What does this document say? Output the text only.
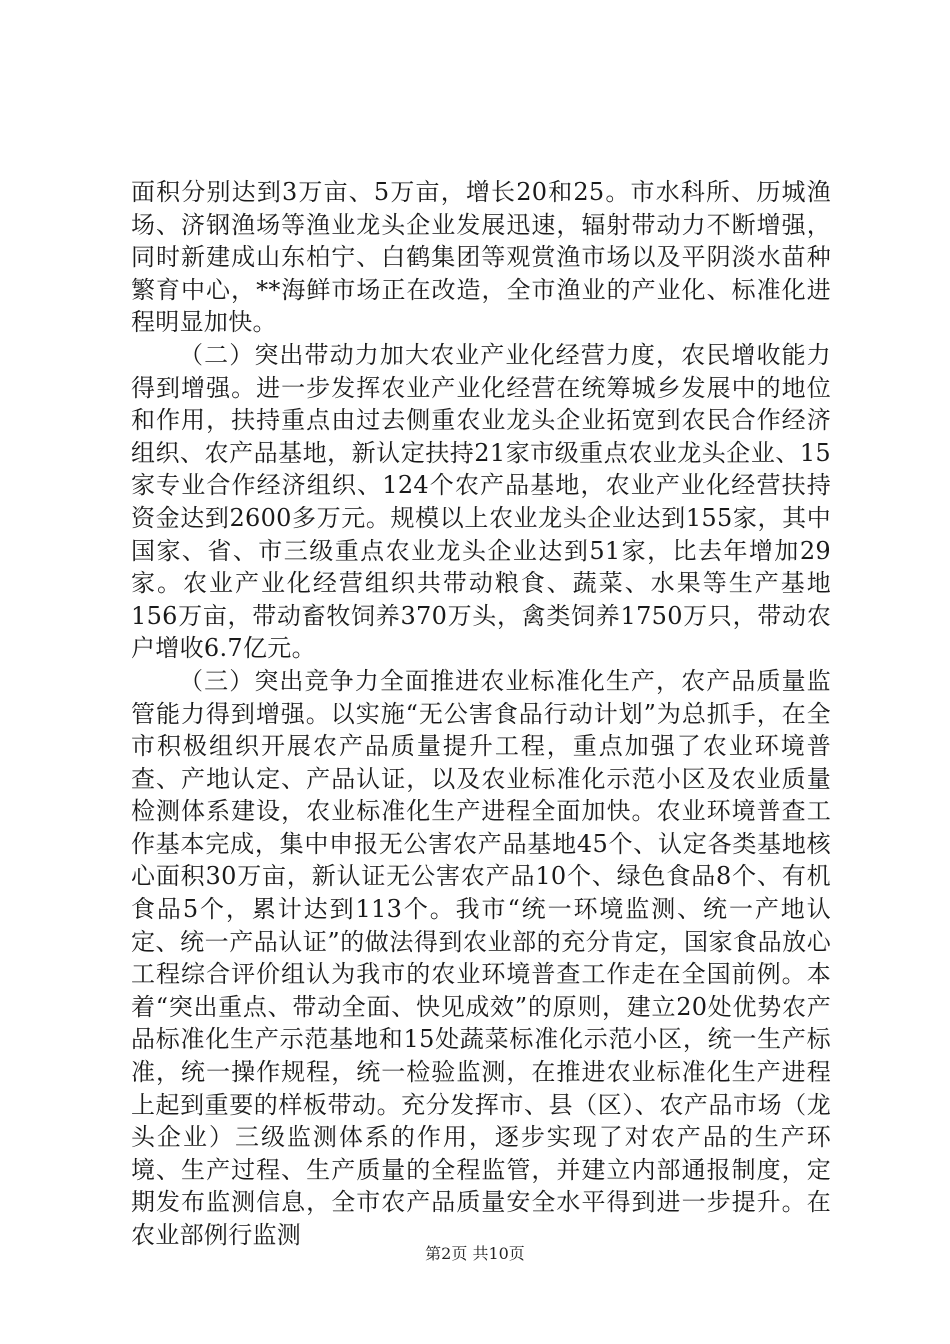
面积分别达到3万亩、5万亩，增长20和25。市水科所、历城渔场、济钢渔场等渔业龙头企业发展迅速，辐射带动力不断增强，同时新建成山东柏宁、白鹤集团等观赏渔市场以及平阴淡水苗种繁育中心，**海鲜市场正在改造，全市渔业的产业化、标准化进程明显加快。

（二）突出带动力加大农业产业化经营力度，农民增收能力得到增强。进一步发挥农业产业化经营在统筹城乡发展中的地位和作用，扶持重点由过去侧重农业龙头企业拓宽到农民合作经济组织、农产品基地，新认定扶持21家市级重点农业龙头企业、15家专业合作经济组织、124个农产品基地，农业产业化经营扶持资金达到2600多万元。规模以上农业龙头企业达到155家，其中国家、省、市三级重点农业龙头企业达到51家，比去年增加29家。农业产业化经营组织共带动粮食、蔬菜、水果等生产基地156万亩，带动畜牧饲养370万头，禽类饲养1750万只，带动农户增收6.7亿元。

（三）突出竞争力全面推进农业标准化生产，农产品质量监管能力得到增强。以实施“无公害食品行动计划”为总抓手，在全市积极组织开展农产品质量提升工程，重点加强了农业环境普查、产地认定、产品认证，以及农业标准化示范小区及农业质量检测体系建设，农业标准化生产进程全面加快。农业环境普查工作基本完成，集中申报无公害农产品基地45个、认定各类基地核心面积30万亩，新认证无公害农产品10个、绿色食品8个、有机食品5个，累计达到113个。我市“统一环境监测、统一产地认定、统一产品认证”的做法得到农业部的充分肯定，国家食品放心工程综合评价组认为我市的农业环境普查工作走在全国前例。本着“突出重点、带动全面、快见成效”的原则，建立20处优势农产品标准化生产示范基地和15处蔬菜标准化示范小区，统一生产标准，统一操作规程，统一检验监测，在推进农业标准化生产进程上起到重要的样板带动。充分发挥市、县（区）、农产品市场（龙头企业）三级监测体系的作用，逐步实现了对农产品的生产环境、生产过程、生产质量的全程监管，并建立内部通报制度，定期发布监测信息，全市农产品质量安全水平得到进一步提升。在农业部例行监测

第2页 共10页
